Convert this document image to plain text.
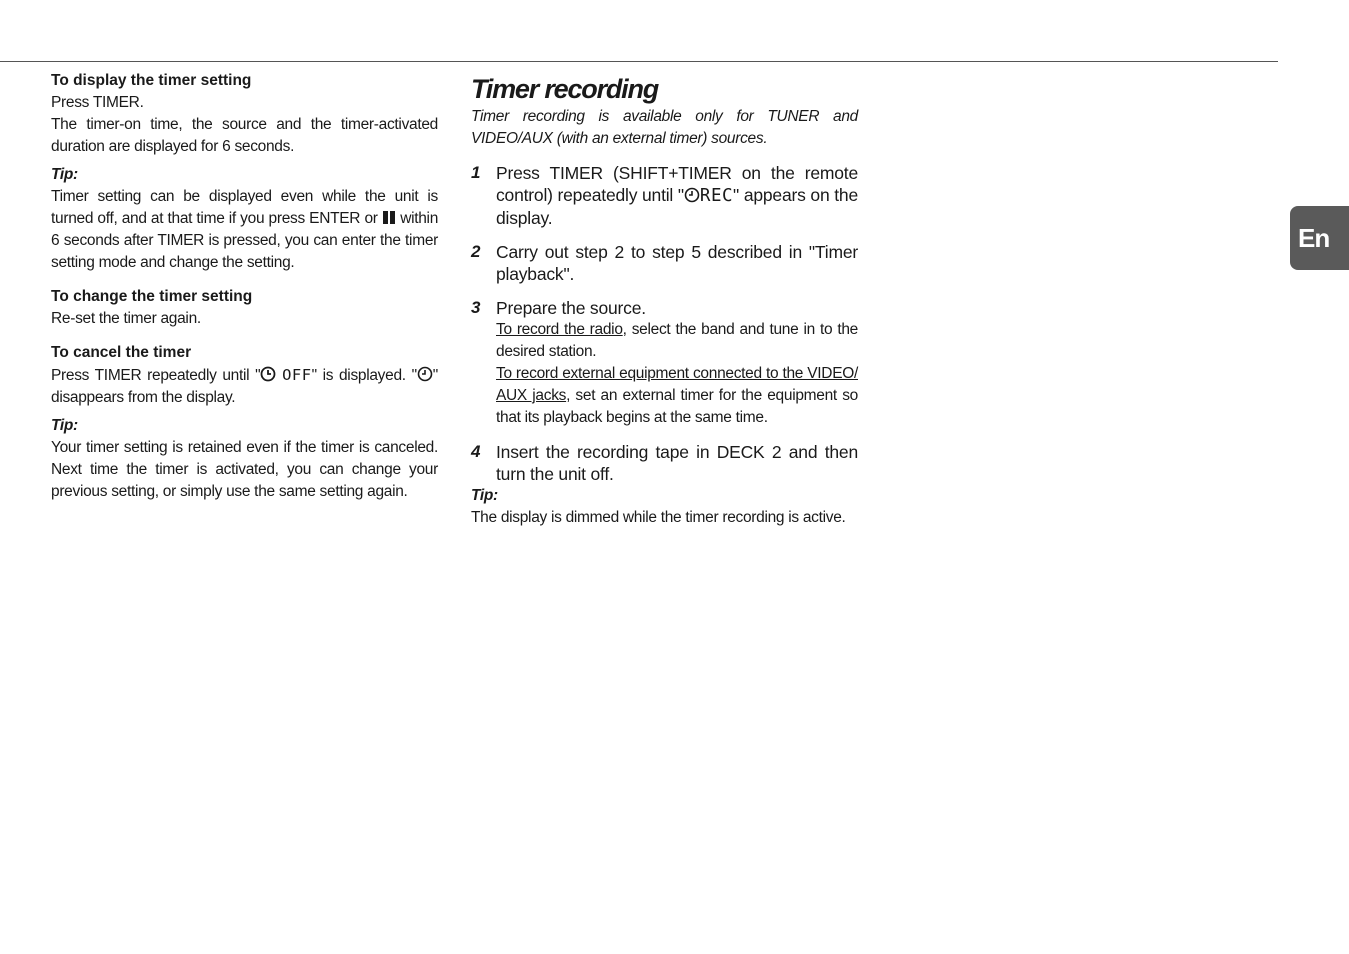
To display the timer setting

Press TIMER.

The timer-on time, the source and the timer-activated duration are displayed for 6 seconds.

Tip:

Timer setting can be displayed even while the unit is turned off, and at that time if you press ENTER or within 6 seconds after TIMER is pressed, you can enter the timer setting mode and change the setting.

To change the timer setting

Re-set the timer again.

To cancel the timer

Press TIMER repeatedly until " OFF" is displayed. " " disappears from the display.

Tip:

Your timer setting is retained even if the timer is canceled. Next time the timer is activated, you can change your previous setting, or simply use the same setting again.

Timer recording

Timer recording is available only for TUNER and VIDEO/AUX (with an external timer) sources.

1 Press TIMER (SHIFT+TIMER on the remote control) repeatedly until " REC" appears on the display.

2 Carry out step 2 to step 5 described in "Timer playback".

3 Prepare the source.

To record the radio, select the band and tune in to the desired station.

To record external equipment connected to the VIDEO/ AUX jacks, set an external timer for the equipment so that its playback begins at the same time.

4 Insert the recording tape in DECK 2 and then turn the unit off.

Tip:

The display is dimmed while the timer recording is active.

En
